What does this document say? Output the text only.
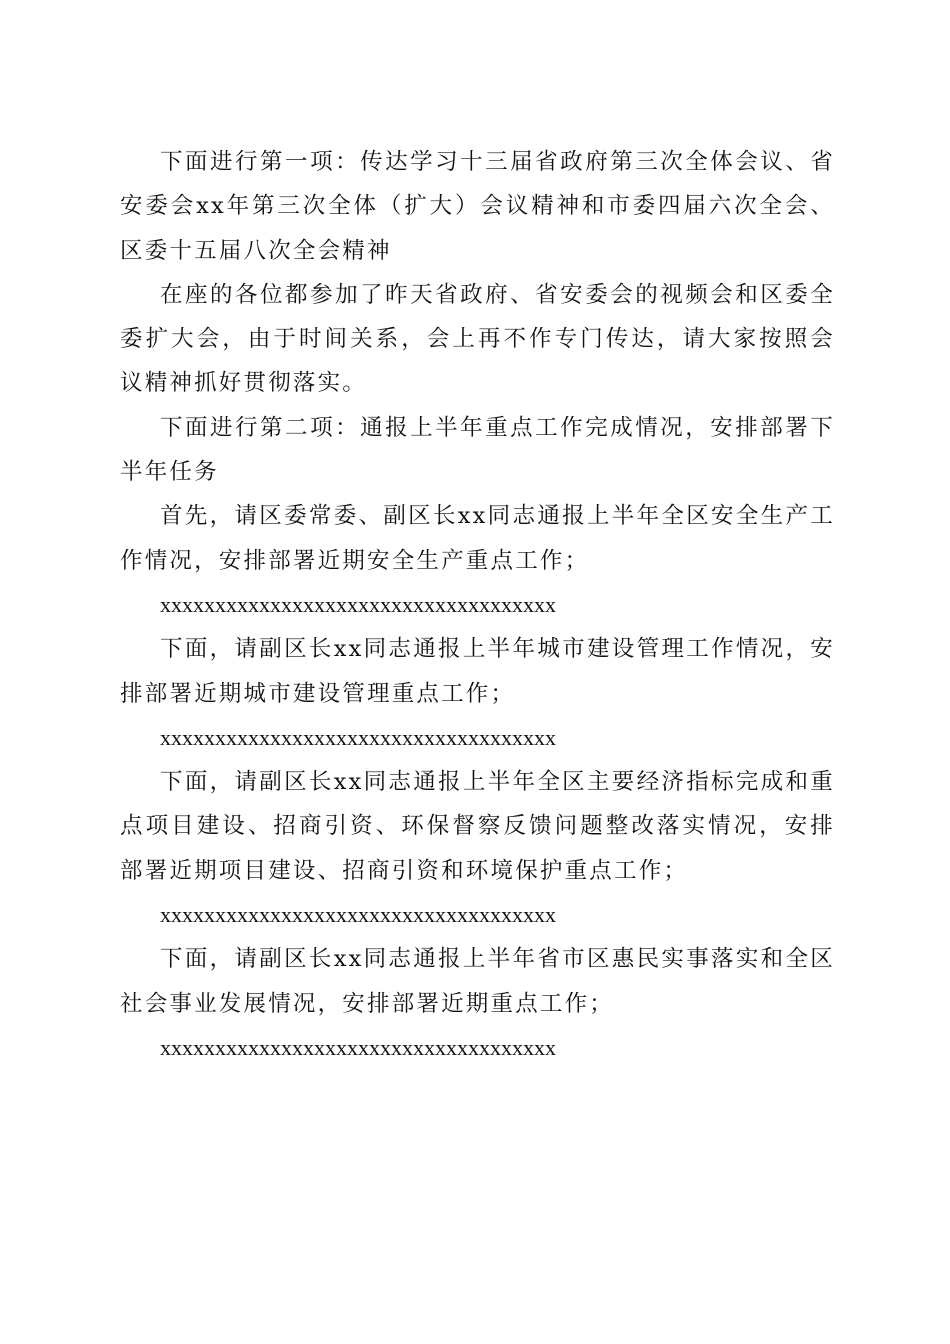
下面进行第一项：传达学习十三届省政府第三次全体会议、省安委会xx年第三次全体（扩大）会议精神和市委四届六次全会、区委十五届八次全会精神

在座的各位都参加了昨天省政府、省安委会的视频会和区委全委扩大会，由于时间关系，会上再不作专门传达，请大家按照会议精神抓好贯彻落实。

下面进行第二项：通报上半年重点工作完成情况，安排部署下半年任务

首先，请区委常委、副区长xx同志通报上半年全区安全生产工作情况，安排部署近期安全生产重点工作；

xxxxxxxxxxxxxxxxxxxxxxxxxxxxxxxxxxxx

下面，请副区长xx同志通报上半年城市建设管理工作情况，安排部署近期城市建设管理重点工作；

xxxxxxxxxxxxxxxxxxxxxxxxxxxxxxxxxxxx

下面，请副区长xx同志通报上半年全区主要经济指标完成和重点项目建设、招商引资、环保督察反馈问题整改落实情况，安排部署近期项目建设、招商引资和环境保护重点工作；

xxxxxxxxxxxxxxxxxxxxxxxxxxxxxxxxxxxx

下面，请副区长xx同志通报上半年省市区惠民实事落实和全区社会事业发展情况，安排部署近期重点工作；

xxxxxxxxxxxxxxxxxxxxxxxxxxxxxxxxxxxx
